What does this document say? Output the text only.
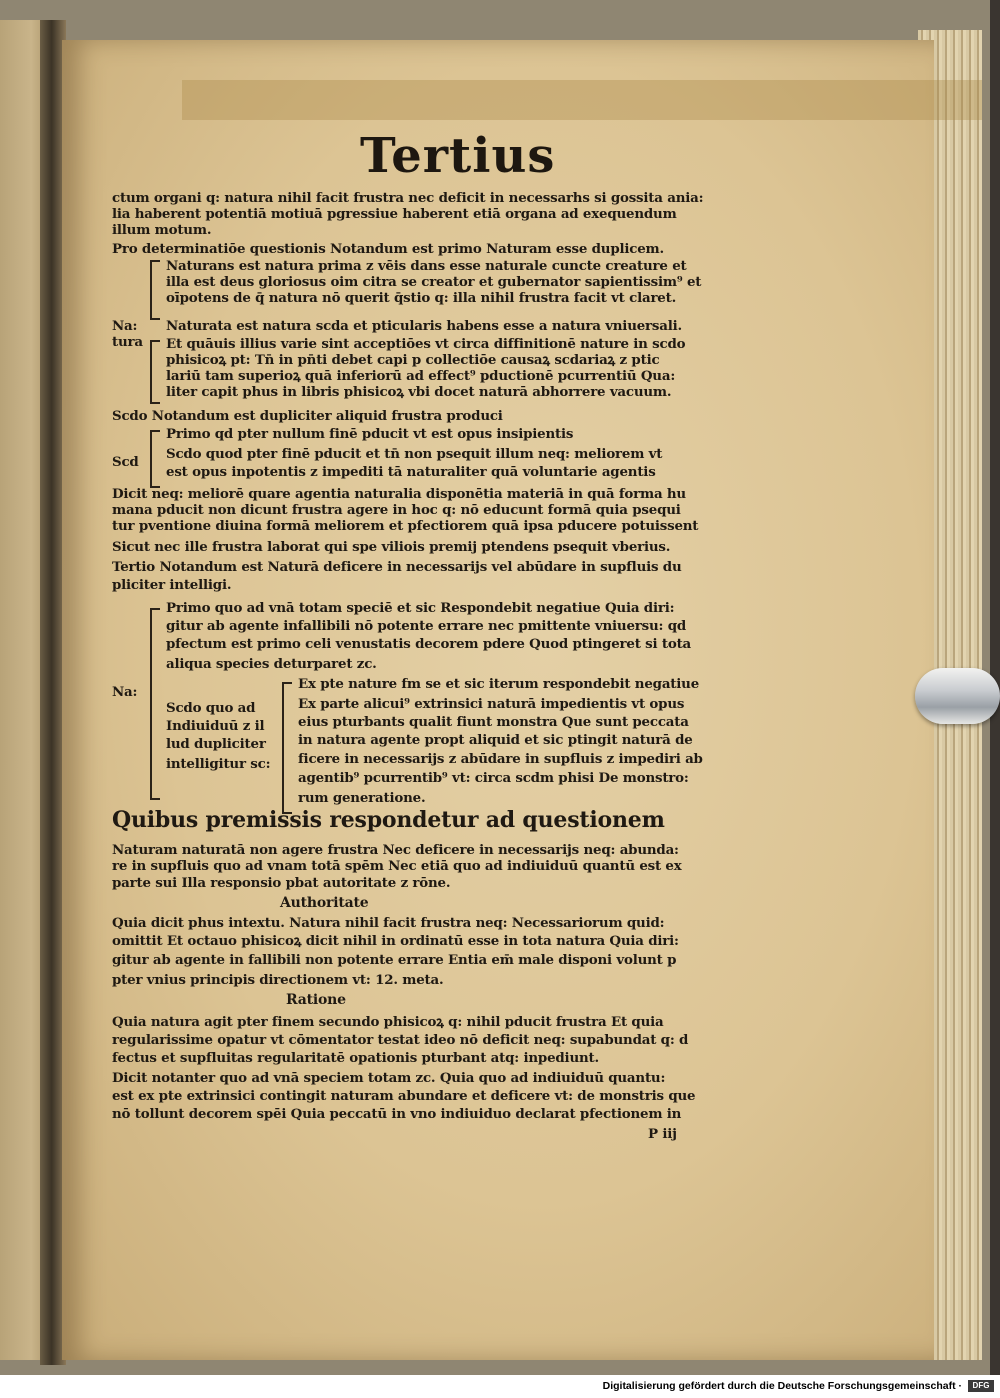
Tertius
ctum organi q: natura nihil facit frustra nec deficit in necessarhs si gossita ania:
lia haberent potentiā motiuā pgressiue haberent etiā organa ad exequendum
illum motum.
Pro determinatiōe questionis Notandum est primo Naturam esse duplicem.
Naturans est natura prima z vēis dans esse naturale cuncte creature et
illa est deus gloriosus oim citra se creator et gubernator sapientissim⁹ et
oīpotens de q̄ natura nō querit q̄stio q: illa nihil frustra facit vt claret.
Na:
tura
Naturata est natura scda et pticularis habens esse a natura vniuersali.
Et quāuis illius varie sint acceptiōes vt circa diffinitionē nature in scdo
phisicoꝝ pt: Tn̄ in pn̄ti debet capi p collectiōe causaꝝ scdariaꝝ z ptic
lariū tam superioꝝ quā inferiorū ad effect⁹ pductionē pcurrentiū Qua:
liter capit phus in libris phisicoꝝ vbi docet naturā abhorrere vacuum.
Scdo Notandum est dupliciter aliquid frustra produci
Primo qd pter nullum finē pducit vt est opus insipientis
Scd Scdo quod pter finē pducit et tn̄ non psequit illum neq: meliorem vt
est opus inpotentis z impediti tā naturaliter quā voluntarie agentis
Dicit neq: meliorē quare agentia naturalia disponētia materiā in quā forma hu
mana pducit non dicunt frustra agere in hoc q: nō educunt formā quia psequi
tur pventione diuina formā meliorem et pfectiorem quā ipsa pducere potuissent
Sicut nec ille frustra laborat qui spe viliois premij ptendens psequit vberius.
Tertio Notandum est Naturā deficere in necessarijs vel abūdare in supfluis du
pliciter intelligi.
Primo quo ad vnā totam speciē et sic Respondebit negatiue Quia diri:
gitur ab agente infallibili nō potente errare nec pmittente vniuersu: qd
pfectum est primo celi venustatis decorem pdere Quod ptingeret si tota
aliqua species deturparet zc.
Na:	Ex pte nature fm se et sic iterum respondebit negatiue
Scdo quo ad	Ex parte alicui⁹ extrinsici naturā impedientis vt opus
Indiuiduū z il	eius pturbants qualit fiunt monstra Que sunt peccata
lud dupliciter in natura agente propt aliquid et sic ptingit naturā de
intelligitur sc: ficere in necessarijs z abūdare in supfluis z impediri ab
agentib⁹ pcurrentib⁹ vt: circa scdm phisi De monstro:
rum generatione.
Quibus premissis respondetur ad questionem
Naturam naturatā non agere frustra Nec deficere in necessarijs neq: abunda:
re in supfluis quo ad vnam totā spēm Nec etiā quo ad indiuiduū quantū est ex
parte sui Illa responsio pbat autoritate z rōne.
Authoritate
Quia dicit phus intextu. Natura nihil facit frustra neq: Necessariorum quid:
omittit Et octauo phisicoꝝ dicit nihil in ordinatū esse in tota natura Quia diri:
gitur ab agente in fallibili non potente errare Entia em̄ male disponi volunt p
pter vnius principis directionem vt: 12. meta.
Ratione
Quia natura agit pter finem secundo phisicoꝝ q: nihil pducit frustra Et quia
regularissime opatur vt cōmentator testat ideo nō deficit neq: supabundat q: d
fectus et supfluitas regularitatē opationis pturbant atq: inpediunt.
Dicit notanter quo ad vnā speciem totam zc. Quia quo ad indiuiduū quantu:
est ex pte extrinsici contingit naturam abundare et deficere vt: de monstris que
nō tollunt decorem spēi Quia peccatū in vno indiuiduo declarat pfectionem in
P iij
Digitalisierung gefördert durch die Deutsche Forschungsgemeinschaft ·	DFG
